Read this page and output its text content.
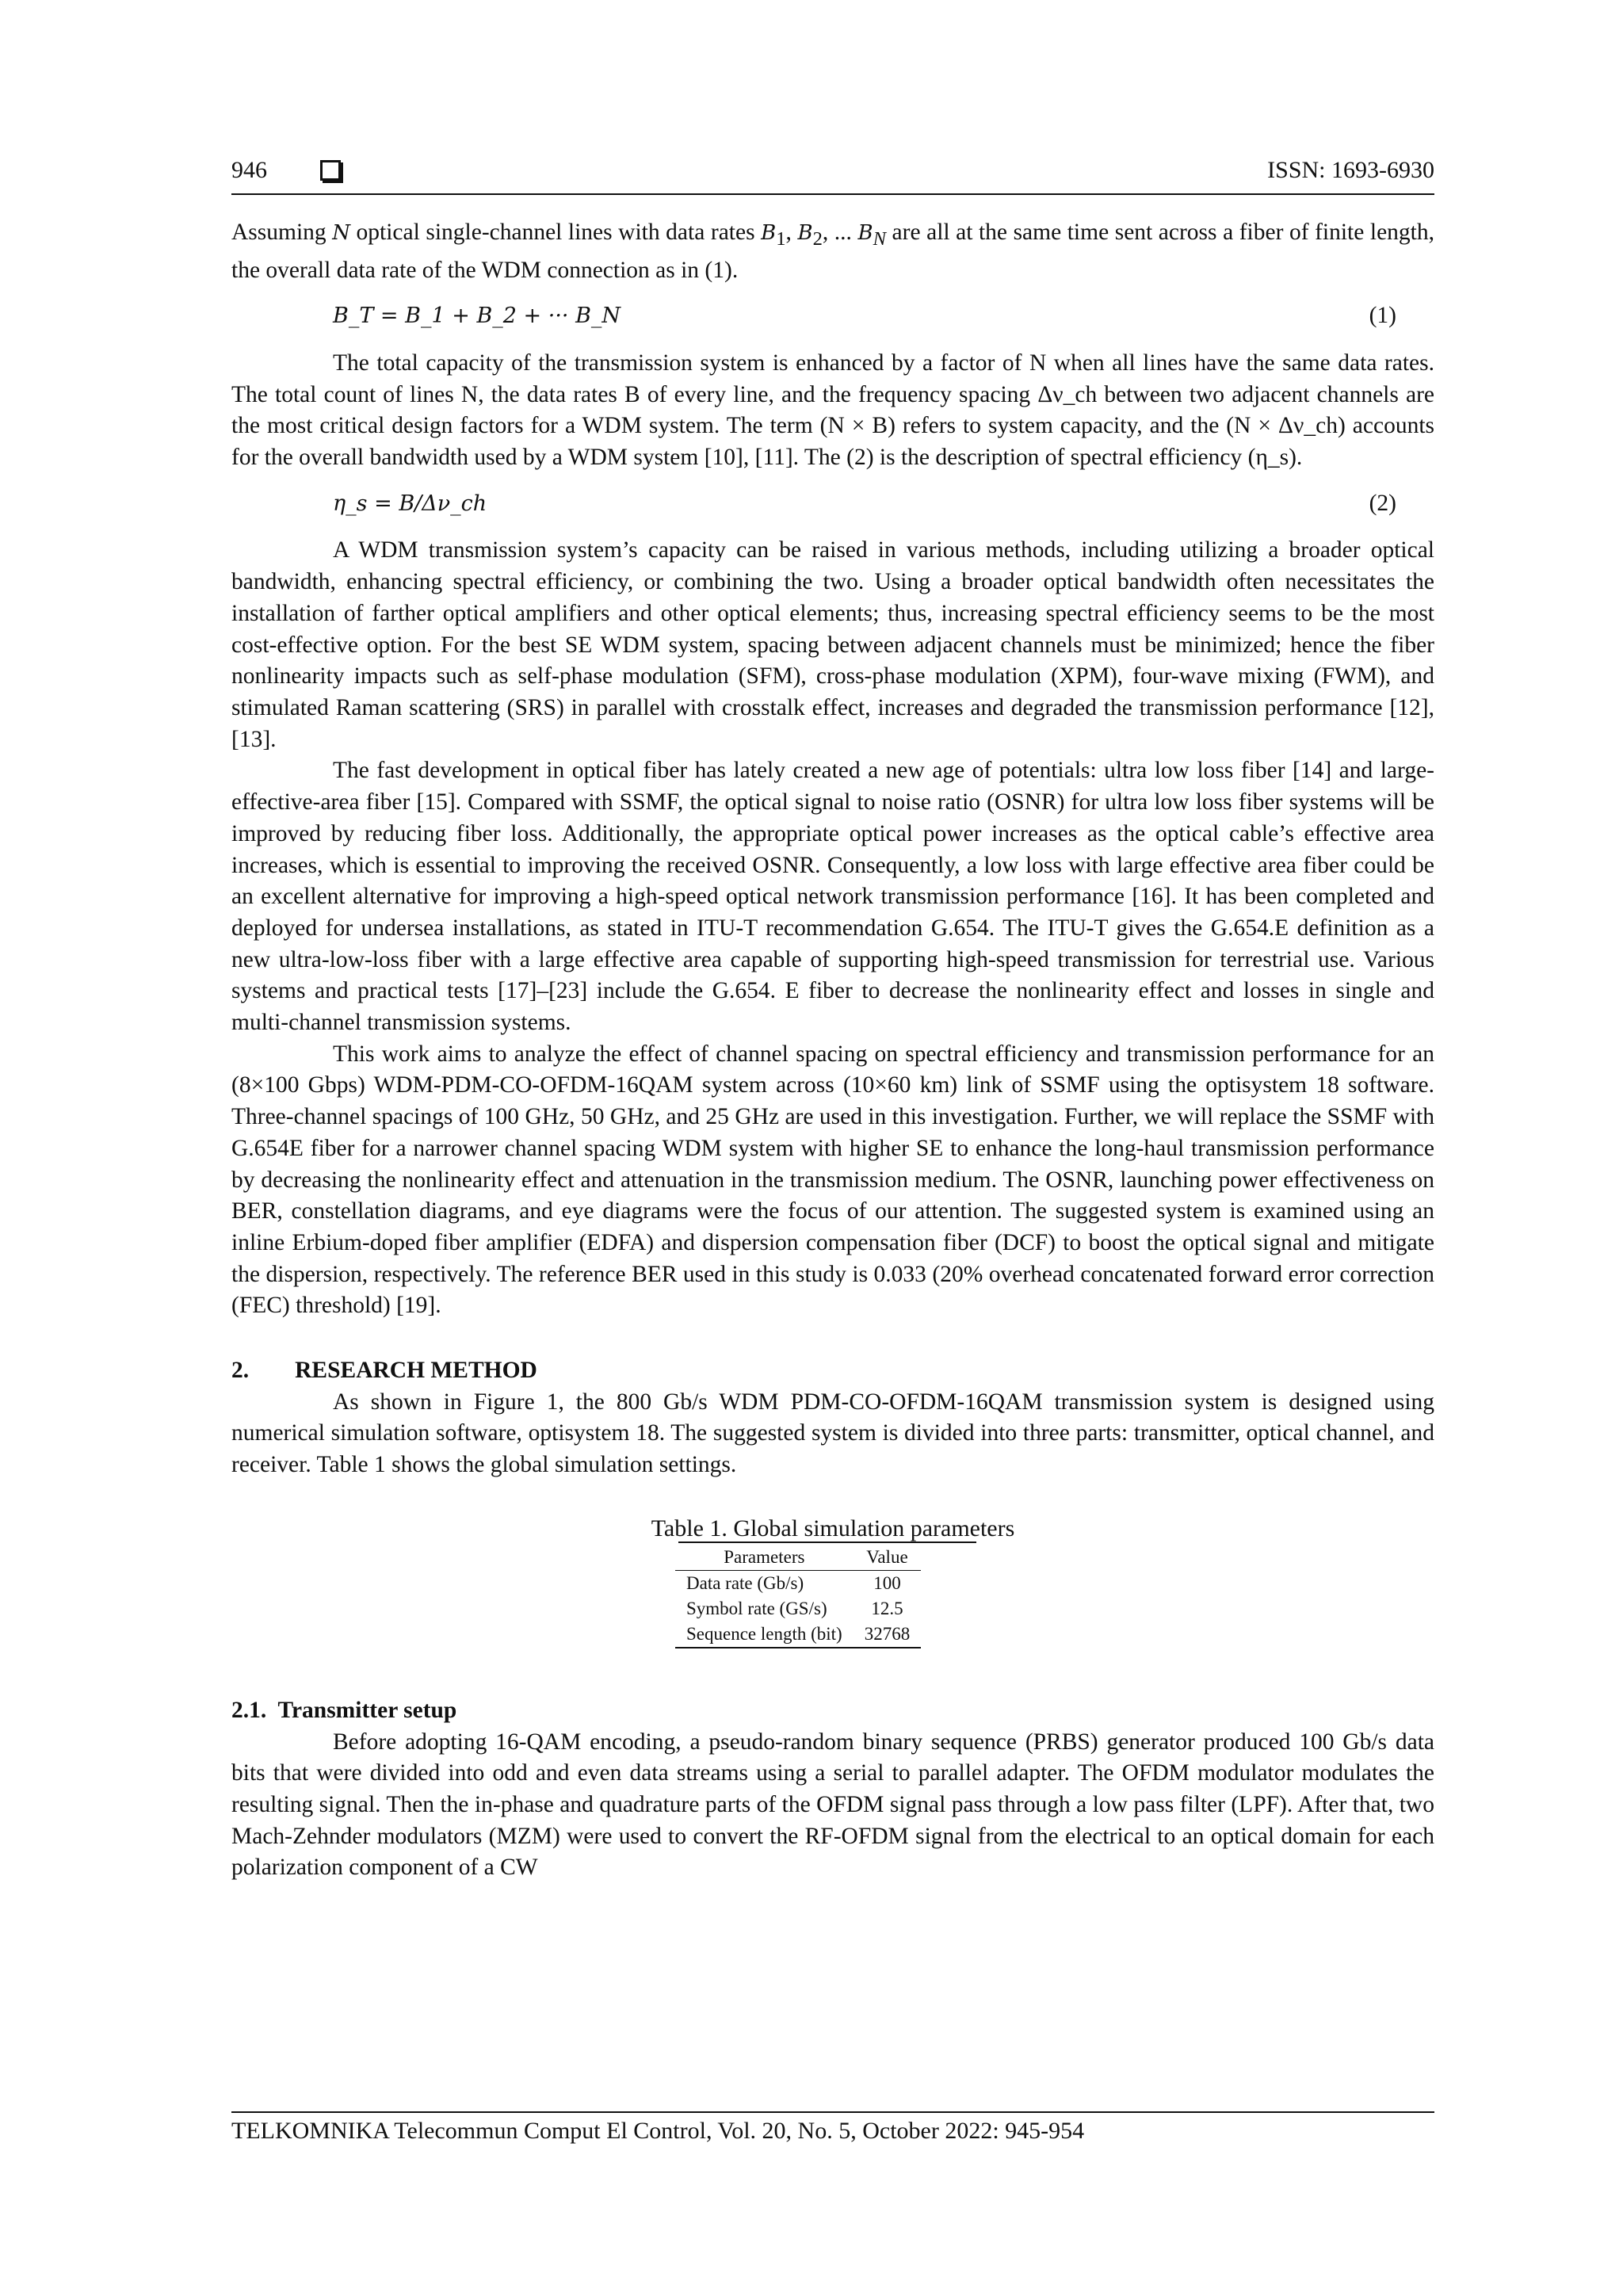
946	ISSN: 1693-6930

Assuming N optical single-channel lines with data rates $B_1$, $B_2$, ... $B_N$ are all at the same time sent across a fiber of finite length, the overall data rate of the WDM connection as in (1).

B_T = B_1 + B_2 + ··· B_N	(1)

The total capacity of the transmission system is enhanced by a factor of N when all lines have the same data rates. The total count of lines N, the data rates B of every line, and the frequency spacing Δν_ch between two adjacent channels are the most critical design factors for a WDM system. The term (N × B) refers to system capacity, and the (N × Δν_ch) accounts for the overall bandwidth used by a WDM system [10], [11]. The (2) is the description of spectral efficiency (η_s).

η_s = B/Δν_ch	(2)

A WDM transmission system’s capacity can be raised in various methods, including utilizing a broader optical bandwidth, enhancing spectral efficiency, or combining the two. Using a broader optical bandwidth often necessitates the installation of farther optical amplifiers and other optical elements; thus, increasing spectral efficiency seems to be the most cost-effective option. For the best SE WDM system, spacing between adjacent channels must be minimized; hence the fiber nonlinearity impacts such as self-phase modulation (SFM), cross-phase modulation (XPM), four-wave mixing (FWM), and stimulated Raman scattering (SRS) in parallel with crosstalk effect, increases and degraded the transmission performance [12], [13].

The fast development in optical fiber has lately created a new age of potentials: ultra low loss fiber [14] and large-effective-area fiber [15]. Compared with SSMF, the optical signal to noise ratio (OSNR) for ultra low loss fiber systems will be improved by reducing fiber loss. Additionally, the appropriate optical power increases as the optical cable’s effective area increases, which is essential to improving the received OSNR. Consequently, a low loss with large effective area fiber could be an excellent alternative for improving a high-speed optical network transmission performance [16]. It has been completed and deployed for undersea installations, as stated in ITU-T recommendation G.654. The ITU-T gives the G.654.E definition as a new ultra-low-loss fiber with a large effective area capable of supporting high-speed transmission for terrestrial use. Various systems and practical tests [17]–[23] include the G.654. E fiber to decrease the nonlinearity effect and losses in single and multi-channel transmission systems.

This work aims to analyze the effect of channel spacing on spectral efficiency and transmission performance for an (8×100 Gbps) WDM-PDM-CO-OFDM-16QAM system across (10×60 km) link of SSMF using the optisystem 18 software. Three-channel spacings of 100 GHz, 50 GHz, and 25 GHz are used in this investigation. Further, we will replace the SSMF with G.654E fiber for a narrower channel spacing WDM system with higher SE to enhance the long-haul transmission performance by decreasing the nonlinearity effect and attenuation in the transmission medium. The OSNR, launching power effectiveness on BER, constellation diagrams, and eye diagrams were the focus of our attention. The suggested system is examined using an inline Erbium-doped fiber amplifier (EDFA) and dispersion compensation fiber (DCF) to boost the optical signal and mitigate the dispersion, respectively. The reference BER used in this study is 0.033 (20% overhead concatenated forward error correction (FEC) threshold) [19].

2. RESEARCH METHOD

As shown in Figure 1, the 800 Gb/s WDM PDM-CO-OFDM-16QAM transmission system is designed using numerical simulation software, optisystem 18. The suggested system is divided into three parts: transmitter, optical channel, and receiver. Table 1 shows the global simulation settings.

Table 1. Global simulation parameters
Parameters	Value
Data rate (Gb/s)	100
Symbol rate (GS/s)	12.5
Sequence length (bit)	32768

2.1. Transmitter setup

Before adopting 16-QAM encoding, a pseudo-random binary sequence (PRBS) generator produced 100 Gb/s data bits that were divided into odd and even data streams using a serial to parallel adapter. The OFDM modulator modulates the resulting signal. Then the in-phase and quadrature parts of the OFDM signal pass through a low pass filter (LPF). After that, two Mach-Zehnder modulators (MZM) were used to convert the RF-OFDM signal from the electrical to an optical domain for each polarization component of a CW

TELKOMNIKA Telecommun Comput El Control, Vol. 20, No. 5, October 2022: 945-954
